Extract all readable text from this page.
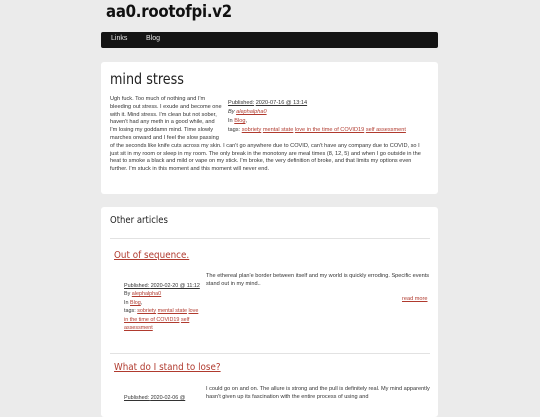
aa0.rootofpi.v2
Links	Blog
mind stress
Published: 2020-07-16 @ 13:14
By alephalpha0
In Blog,
tags: sobriety mental state love in the time of COVID19 self assessment
Ugh fuck. Too much of nothing and I'm bleeding out stress. I exude and become one with it. Mind stress. I'm clean but not sober, haven't had any meth in a good while, and I'm losing my goddamn mind. Time slowly marches onward and I feel the slow passing of the seconds like knife cuts across my skin. I can't go anywhere due to COVID, can't have any company due to COVID, so I just sit in my room or sleep in my room. The only break in the monotony are meal times (8, 12, 5) and when I go outside in the heat to smoke a black and mild or vape on my stick. I'm broke, the very definition of broke, and that limits my options even further. I'm stuck in this moment and this moment will never end.
Other articles
Out of sequence.
Published: 2020-02-20 @ 11:12
By alephalpha0
In Blog,
tags: sobriety mental state love in the time of COVID19 self assessment
The ethereal plan'e border between itself and my world is quickly erroding. Specific events stand out in my mind..
read more
What do I stand to lose?
Published: 2020-02-06 @
I could go on and on. The allure is strong and the pull is definitely real. My mind apparently hasn't given up its fascination with the entire process of using and
